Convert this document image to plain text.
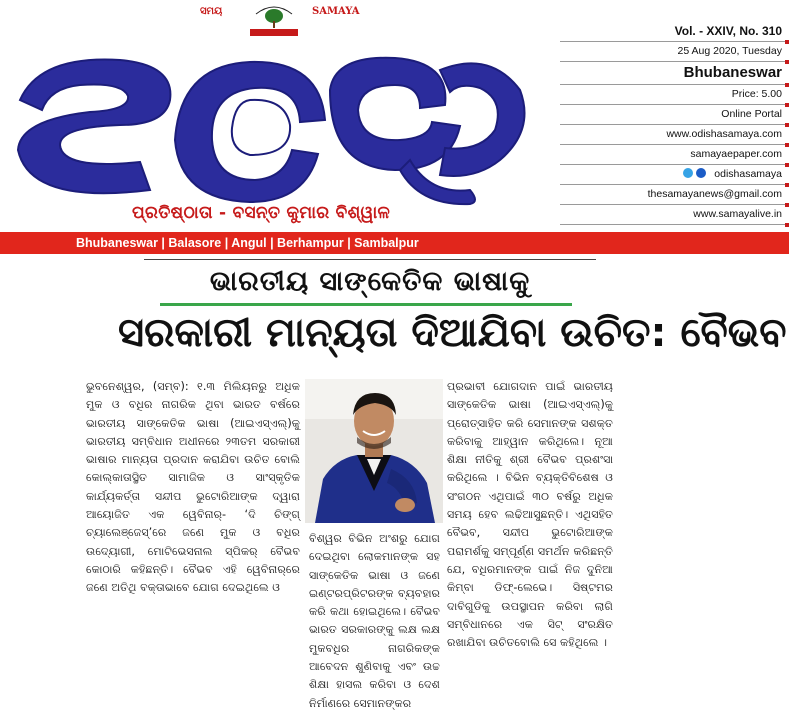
ସମୟ	SAMAYA
ପ୍ରତିଷ୍ଠାତା - ବସନ୍ତ କୁମାର ବିଶ୍ୱାଳ
Vol. - XXIV, No. 310
25 Aug 2020, Tuesday
Bhubaneswar
Price: 5.00
Online Portal
www.odishasamaya.com
samayaepaper.com
odishasamaya
thesamayanews@gmail.com
www.samayalive.in
Bhubaneswar | Balasore | Angul | Berhampur | Sambalpur
ଭାରତୀୟ ସାଙ୍କେତିକ ଭାଷାକୁ
ସରକାରୀ ମାନ୍ୟତା ଦିଆଯିବା ଉଚିତ: ବୈଭବ
ଭୁବନେଶ୍ୱର, (ସମ୍ବ): ୧.୩ ମିଲିୟନରୁ ଅଧିକ ମୁକ ଓ ବଧିର ନାଗରିକ ଥିବା ଭାରତ ବର୍ଷରେ ଭାରତୀୟ ସାଙ୍କେତିକ ଭାଷା (ଆଇଏସ୍‌ଏଲ୍)କୁ ଭାରତୀୟ ସମ୍ବିଧାନ ଅଧୀନରେ ୨୩ତମ ସରକାରୀ ଭାଷାର ମାନ୍ୟତା ପ୍ରଦାନ କରାଯିବା ଉଚିତ ବୋଲି କୋଲ୍‌କାତାସ୍ଥିତ ସାମାଜିକ ଓ ସାଂସ୍କୃତିକ କାର୍ଯ୍ୟକର୍ତ୍ତା ସନ୍ଦୀପ ଭୁଟୋରିଆଙ୍କ ଦ୍ୱାରା ଆୟୋଜିତ ଏକ ୱେବିନାର୍- ‘ଦି ଚିଙ୍ଗ୍ ଚ୍ୟାଲେଞ୍ଜେସ୍’ରେ ଜଣେ ମୁକ ଓ ବଧିର ଉଦ୍ୟୋଗୀ, ମୋଟିଭେସନାଲ ସ୍ପିକର୍ ବୈଭବ କୋଠାରି କହିଛନ୍ତି। ବୈଭବ ଏହି ୱେବିନାର୍‌ରେ ଜଣେ ଅତିଥି ବକ୍ତାଭାବେ ଯୋଗ ଦେଇଥିଲେ ଓ
ବିଶ୍ୱର ବିଭିନ ଅଂଶରୁ ଯୋଗ ଦେଇଥିବା ଲୋକମାନଙ୍କ ସହ ସାଙ୍କେତିକ ଭାଷା ଓ ଜଣେ ଇଣ୍ଟରପ୍ରିଟରଙ୍କ ବ୍ୟବହାର କରି କଥା ହୋଇଥିଲେ। ବୈଭବ ଭାରତ ସରକାରଙ୍କୁ ଲକ୍ଷ ଲକ୍ଷ ମୁକବଧିର ନାଗରିକଙ୍କ ଆବେଦନ ଶୁଣିବାକୁ ଏବଂ ଉଚ୍ଚ ଶିକ୍ଷା ହାସଲ କରିବା ଓ ଦେଶ ନିର୍ମାଣରେ ସେମାନଙ୍କର
ପ୍ରଭାବୀ ଯୋଗଦାନ ପାଇଁ ଭାରତୀୟ ସାଙ୍କେତିକ ଭାଷା (ଆଇଏସ୍‌ଏଲ୍)କୁ ପ୍ରୋତ୍ସାହିତ କରି ସେମାନଙ୍କ ସଶକ୍ତ କରିବାକୁ ଆହ୍ୱାନ କରିଥିଲେ। ନୂଆ ଶିକ୍ଷା ନୀତିକୁ ଶ୍ରୀ ବୈଭବ ପ୍ରଶଂସା କରିଥିଲେ । ବିଭିନ ବ୍ୟକ୍ତିବିଶେଷ ଓ ସଂଗଠନ ଏଥିପାଇଁ ୩୦ ବର୍ଷରୁ ଅଧିକ ସମୟ ହେବ ଲଢିଆସୁଛନ୍ତି। ଏଥିସହିତ ବୈଭବ, ସନ୍ଦୀପ ଭୁଟୋରିଆଙ୍କ ପରାମର୍ଶକୁ ସମ୍ପୂର୍ଣ୍ଣ ସମର୍ଥନ କରିଛନ୍ତି ଯେ, ବଧିରମାନଙ୍କ ପାଇଁ ନିଜ ଦୁନିଆ କିମ୍ବା ଡିଫ୍-ଲେଭେ। ସିଷ୍ଟମର ଦାବିଗୁଡିକୁ ଉପସ୍ଥାପନ କରିବା ଲାଗି ସମ୍ବିଧାନରେ ଏକ ସିଟ୍ ସଂରକ୍ଷିତ ରଖାଯିବା ଉଚିତବୋଲି ସେ କହିଥିଲେ ।
